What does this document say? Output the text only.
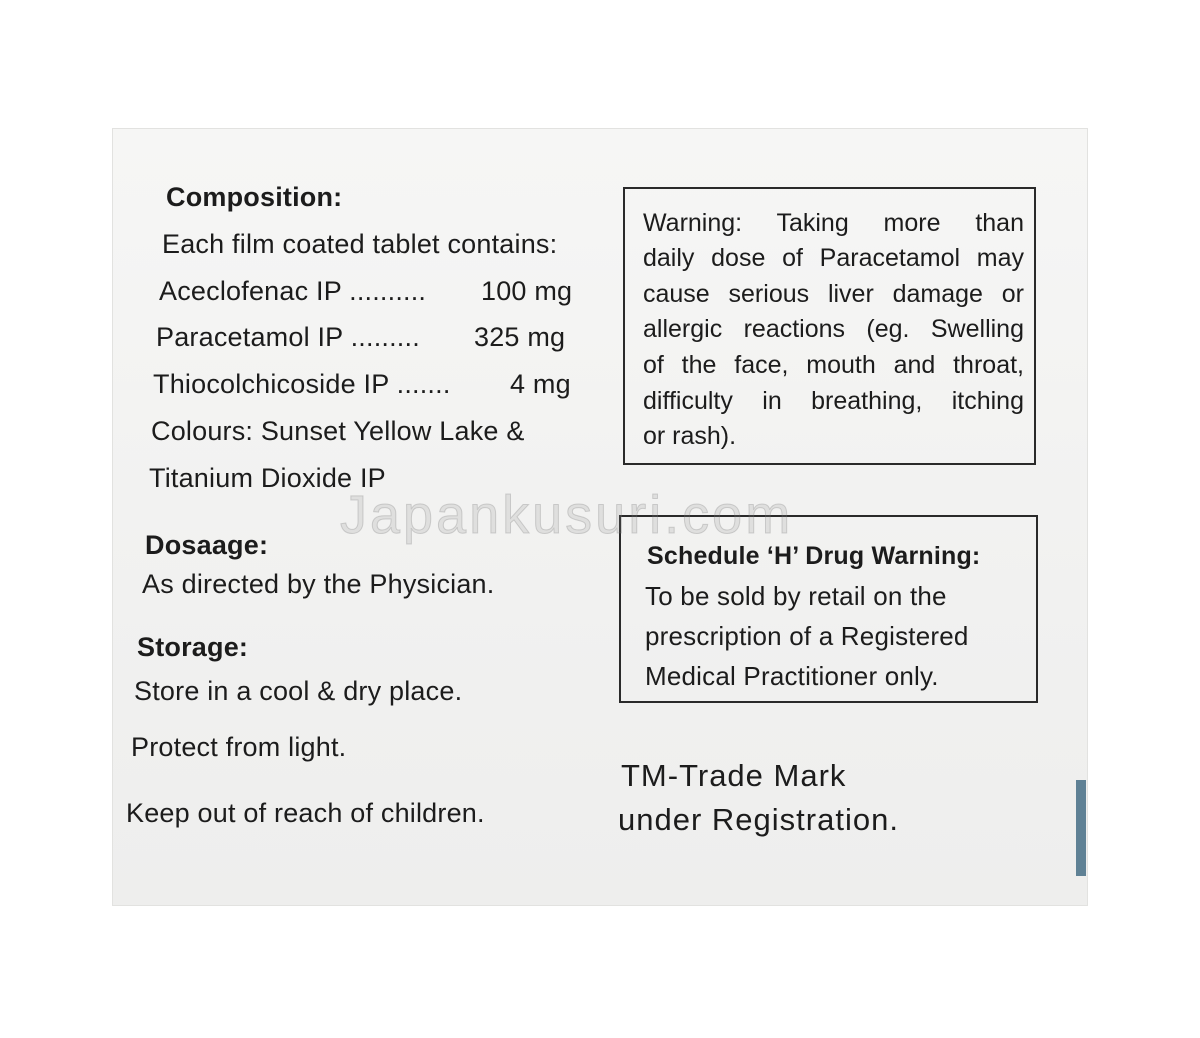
Composition:
Each film coated tablet contains:
Aceclofenac IP .......... 100 mg
Paracetamol IP ......... 325 mg
Thiocolchicoside IP ....... 4 mg
Colours: Sunset Yellow Lake &
Titanium Dioxide IP
Dosaage:
As directed by the Physician.
Storage:
Store in a cool & dry place.
Protect from light.
Keep out of reach of children.
Warning: Taking more than
daily dose of Paracetamol may
cause serious liver damage or
allergic reactions (eg. Swelling
of the face, mouth and throat,
difficulty in breathing, itching
or rash).
Schedule ‘H’ Drug Warning:
To be sold by retail on the
prescription of a Registered
Medical Practitioner only.
TM-Trade Mark
under Registration.
Japankusuri.com
